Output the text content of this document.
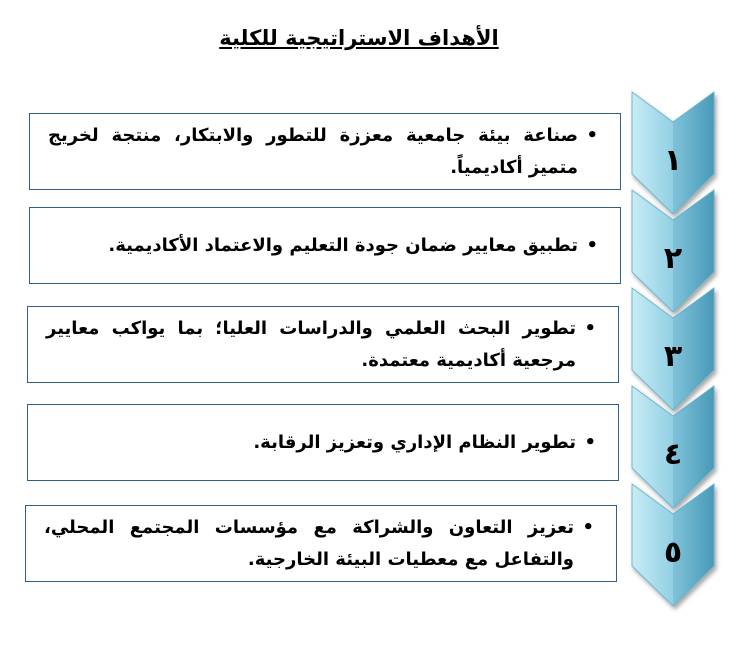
الأهداف الاستراتيجية للكلية
١
٢
٣
٤
٥
•
صناعة بيئة جامعية معززة للتطور والابتكار، منتجة لخريج متميز أكاديمياً.
•
تطبيق معايير ضمان جودة التعليم والاعتماد الأكاديمية.
•
تطوير البحث العلمي والدراسات العليا؛ بما يواكب معايير مرجعية أكاديمية معتمدة.
•
تطوير النظام الإداري وتعزيز الرقابة.
•
تعزيز التعاون والشراكة مع مؤسسات المجتمع المحلي، والتفاعل مع معطيات البيئة الخارجية.
